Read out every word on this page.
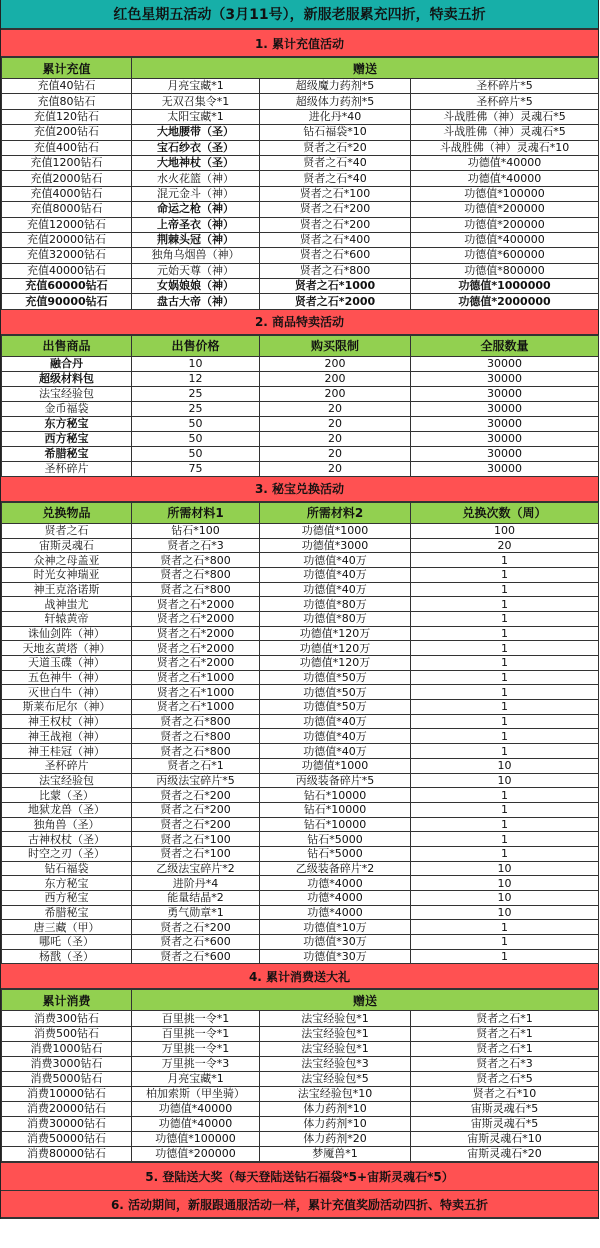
红色星期五活动（3月11号），新服老服累充四折，特卖五折
1. 累计充值活动
累计充值	赠送		
充值40钻石	月亮宝藏*1	超级魔力药剂*5	圣杯碎片*5
充值80钻石	无双召集令*1	超级体力药剂*5	圣杯碎片*5
充值120钻石	太阳宝藏*1	进化丹*40	斗战胜佛（神）灵魂石*5
充值200钻石	大地腰带（圣）	钻石福袋*10	斗战胜佛（神）灵魂石*5
充值400钻石	宝石纱衣（圣）	贤者之石*20	斗战胜佛（神）灵魂石*10
充值1200钻石	大地神杖（圣）	贤者之石*40	功德值*40000
充值2000钻石	水火花篮（神）	贤者之石*40	功德值*40000
充值4000钻石	混元金斗（神）	贤者之石*100	功德值*100000
充值8000钻石	命运之枪（神）	贤者之石*200	功德值*200000
充值12000钻石	上帝圣衣（神）	贤者之石*200	功德值*200000
充值20000钻石	荆棘头冠（神）	贤者之石*400	功德值*400000
充值32000钻石	独角乌烟兽（神）	贤者之石*600	功德值*600000
充值40000钻石	元始天尊（神）	贤者之石*800	功德值*800000
充值60000钻石	女娲娘娘（神）	贤者之石*1000	功德值*1000000
充值90000钻石	盘古大帝（神）	贤者之石*2000	功德值*2000000
2. 商品特卖活动
出售商品	出售价格	购买限制	全服数量
融合丹	10	200	30000
超级材料包	12	200	30000
法宝经验包	25	200	30000
金币福袋	25	20	30000
东方秘宝	50	20	30000
西方秘宝	50	20	30000
希腊秘宝	50	20	30000
圣杯碎片	75	20	30000
3. 秘宝兑换活动
兑换物品	所需材料1	所需材料2	兑换次数（周）
贤者之石	钻石*100	功德值*1000	100
宙斯灵魂石	贤者之石*3	功德值*3000	20
众神之母盖亚	贤者之石*800	功德值*40万	1
时光女神瑞亚	贤者之石*800	功德值*40万	1
神王克洛诺斯	贤者之石*800	功德值*40万	1
战神蚩尤	贤者之石*2000	功德值*80万	1
轩辕黄帝	贤者之石*2000	功德值*80万	1
诛仙剑阵（神）	贤者之石*2000	功德值*120万	1
天地玄黄塔（神）	贤者之石*2000	功德值*120万	1
天道玉碟（神）	贤者之石*2000	功德值*120万	1
五色神牛（神）	贤者之石*1000	功德值*50万	1
灭世白牛（神）	贤者之石*1000	功德值*50万	1
斯莱布尼尔（神）	贤者之石*1000	功德值*50万	1
神王权杖（神）	贤者之石*800	功德值*40万	1
神王战袍（神）	贤者之石*800	功德值*40万	1
神王桂冠（神）	贤者之石*800	功德值*40万	1
圣杯碎片	贤者之石*1	功德值*1000	10
法宝经验包	丙级法宝碎片*5	丙级装备碎片*5	10
比蒙（圣）	贤者之石*200	钻石*10000	1
地狱龙兽（圣）	贤者之石*200	钻石*10000	1
独角兽（圣）	贤者之石*200	钻石*10000	1
古神权杖（圣）	贤者之石*100	钻石*5000	1
时空之刃（圣）	贤者之石*100	钻石*5000	1
钻石福袋	乙级法宝碎片*2	乙级装备碎片*2	10
东方秘宝	进阶丹*4	功德*4000	10
西方秘宝	能量结晶*2	功德*4000	10
希腊秘宝	勇气勋章*1	功德*4000	10
唐三藏（甲）	贤者之石*200	功德值*10万	1
哪吒（圣）	贤者之石*600	功德值*30万	1
杨戬（圣）	贤者之石*600	功德值*30万	1
4. 累计消费送大礼
累计消费	赠送		
消费300钻石	百里挑一令*1	法宝经验包*1	贤者之石*1
消费500钻石	百里挑一令*1	法宝经验包*1	贤者之石*1
消费1000钻石	万里挑一令*1	法宝经验包*1	贤者之石*1
消费3000钻石	万里挑一令*3	法宝经验包*3	贤者之石*3
消费5000钻石	月亮宝藏*1	法宝经验包*5	贤者之石*5
消费10000钻石	柏加索斯（甲坐骑）	法宝经验包*10	贤者之石*10
消费20000钻石	功德值*40000	体力药剂*10	宙斯灵魂石*5
消费30000钻石	功德值*40000	体力药剂*10	宙斯灵魂石*5
消费50000钻石	功德值*100000	体力药剂*20	宙斯灵魂石*10
消费80000钻石	功德值*200000	梦魇兽*1	宙斯灵魂石*20
5. 登陆送大奖（每天登陆送钻石福袋*5+宙斯灵魂石*5）
6. 活动期间，新服跟通服活动一样，累计充值奖励活动四折、特卖五折
